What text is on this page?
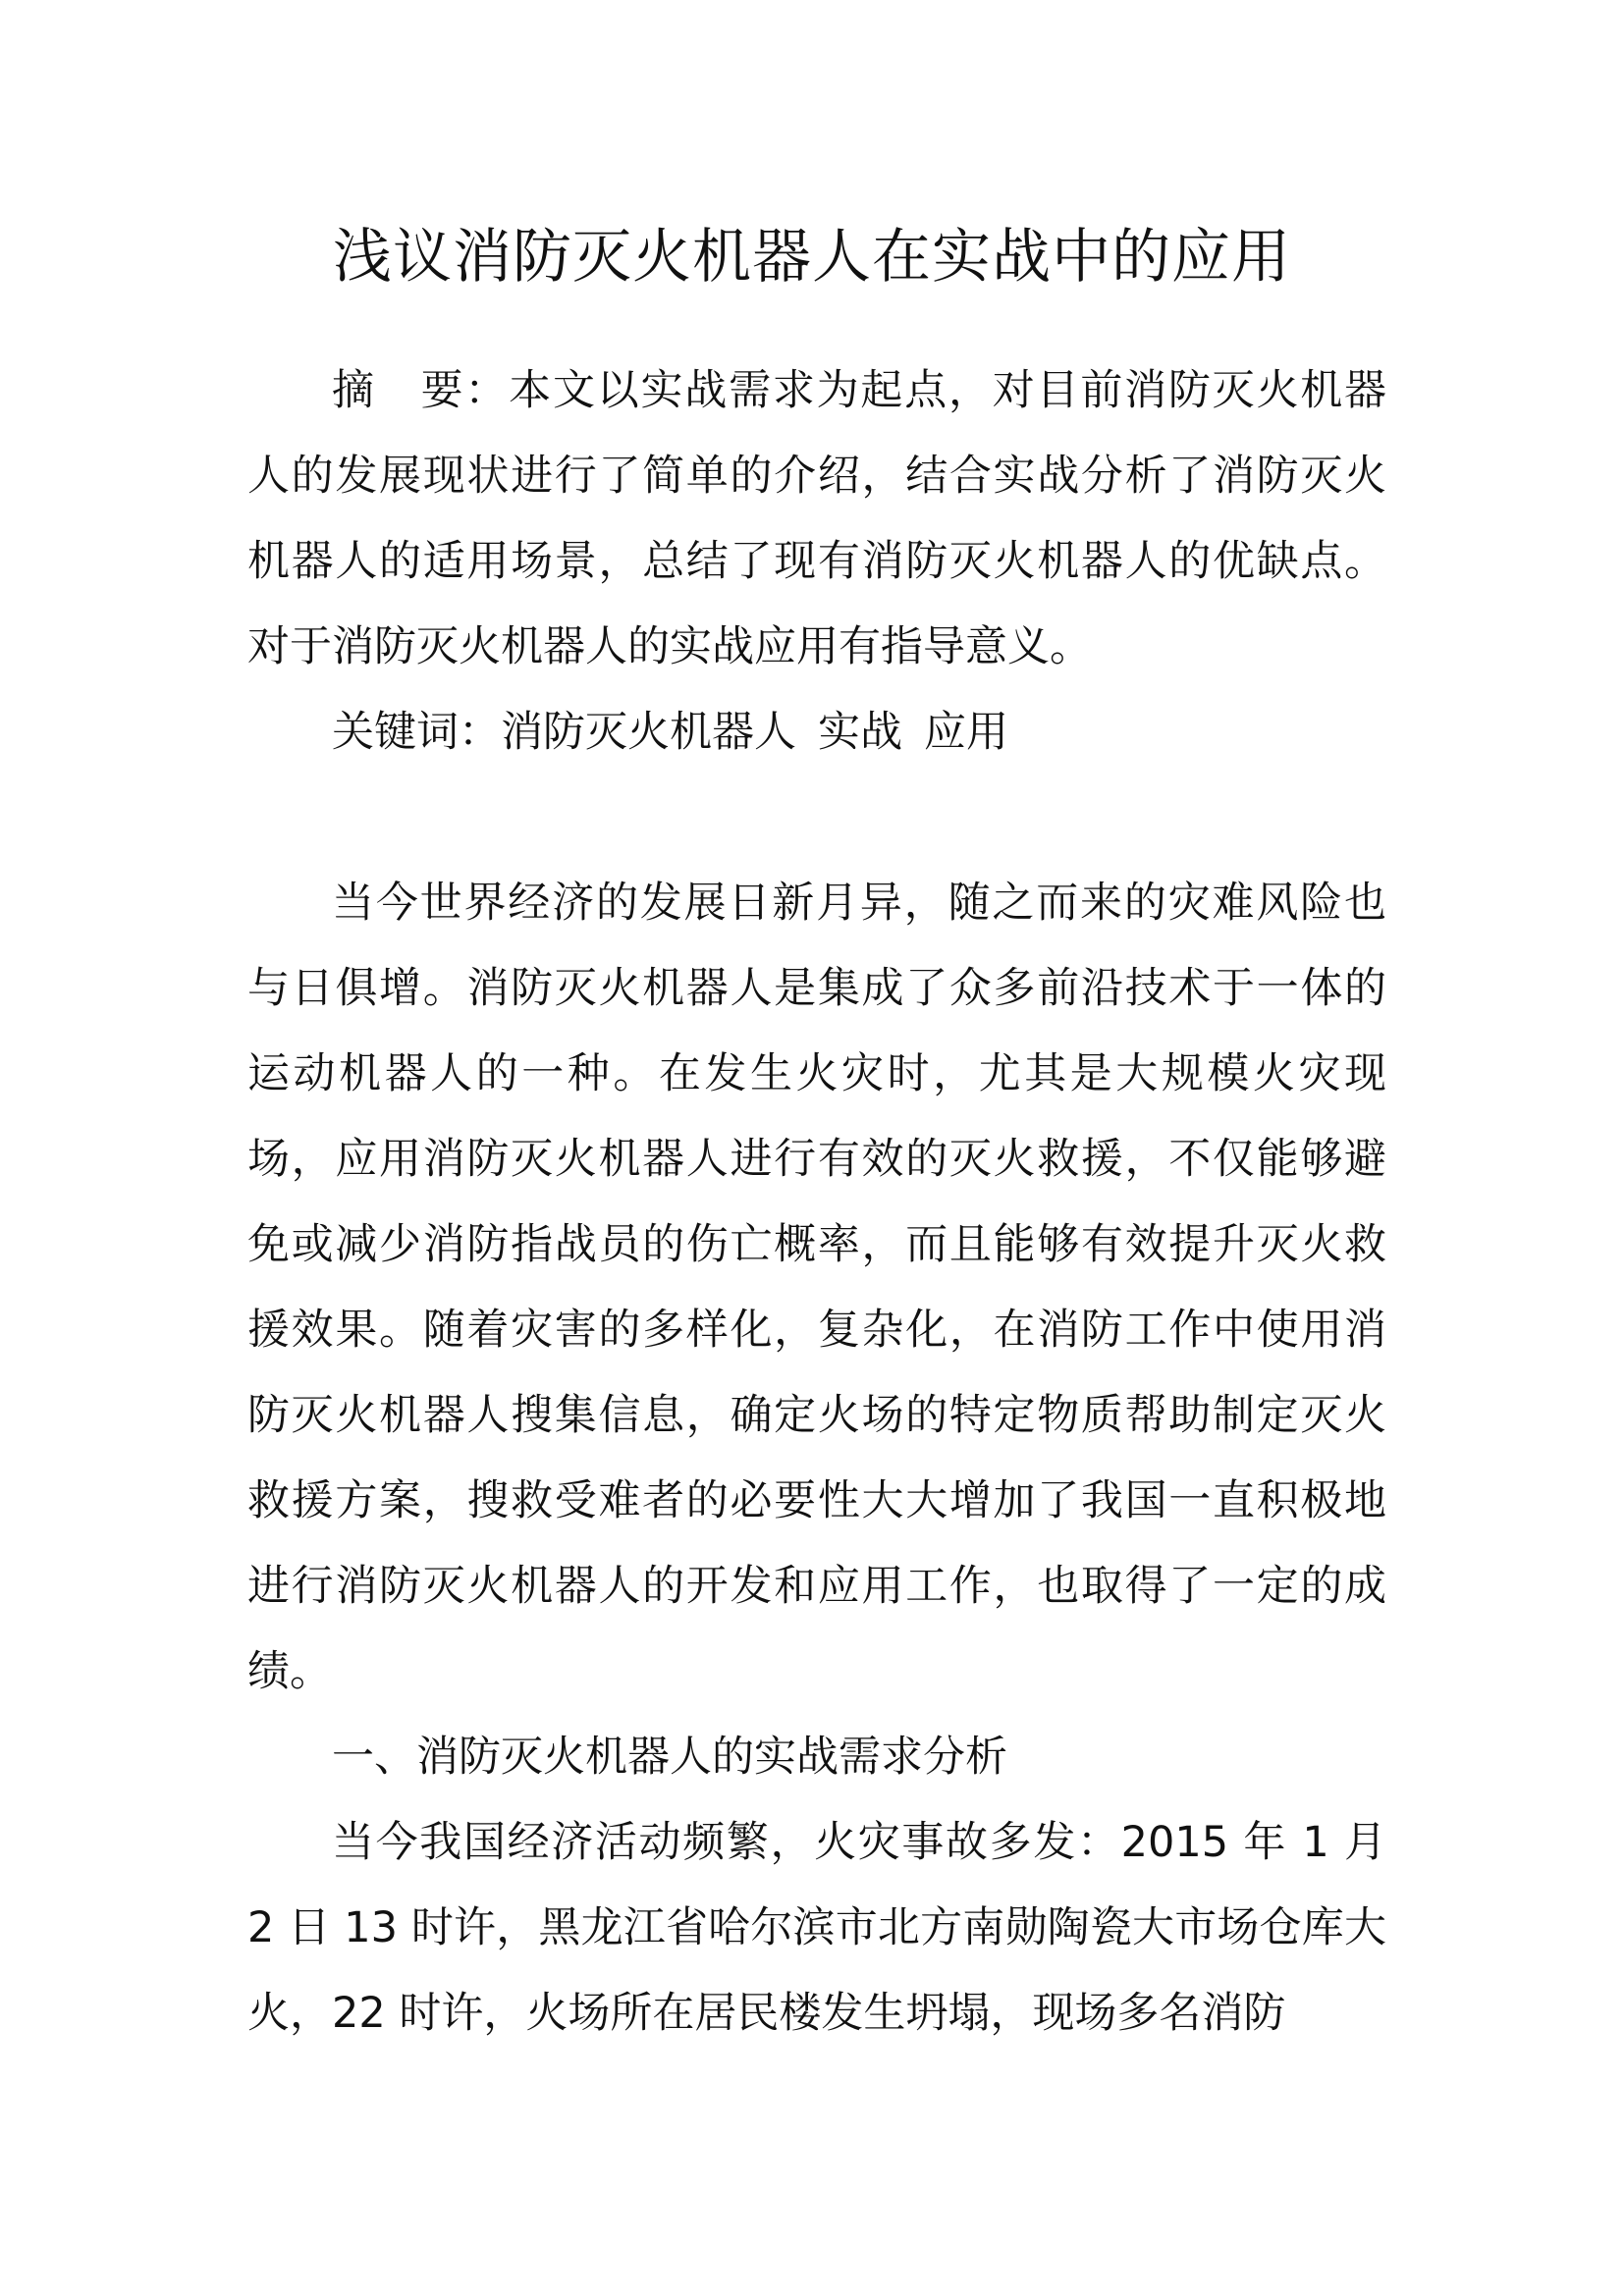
浅议消防灭火机器人在实战中的应用

摘 要：本文以实战需求为起点，对目前消防灭火机器人的发展现状进行了简单的介绍，结合实战分析了消防灭火机器人的适用场景，总结了现有消防灭火机器人的优缺点。对于消防灭火机器人的实战应用有指导意义。

关键词：消防灭火机器人 实战 应用

当今世界经济的发展日新月异，随之而来的灾难风险也与日俱增。消防灭火机器人是集成了众多前沿技术于一体的运动机器人的一种。在发生火灾时，尤其是大规模火灾现场，应用消防灭火机器人进行有效的灭火救援，不仅能够避免或减少消防指战员的伤亡概率，而且能够有效提升灭火救援效果。随着灾害的多样化，复杂化，在消防工作中使用消防灭火机器人搜集信息，确定火场的特定物质帮助制定灭火救援方案，搜救受难者的必要性大大增加了我国一直积极地进行消防灭火机器人的开发和应用工作，也取得了一定的成绩。

一、消防灭火机器人的实战需求分析

当今我国经济活动频繁，火灾事故多发：2015 年 1 月 2 日 13 时许，黑龙江省哈尔滨市北方南勋陶瓷大市场仓库大火，22 时许，火场所在居民楼发生坍塌，现场多名消防
